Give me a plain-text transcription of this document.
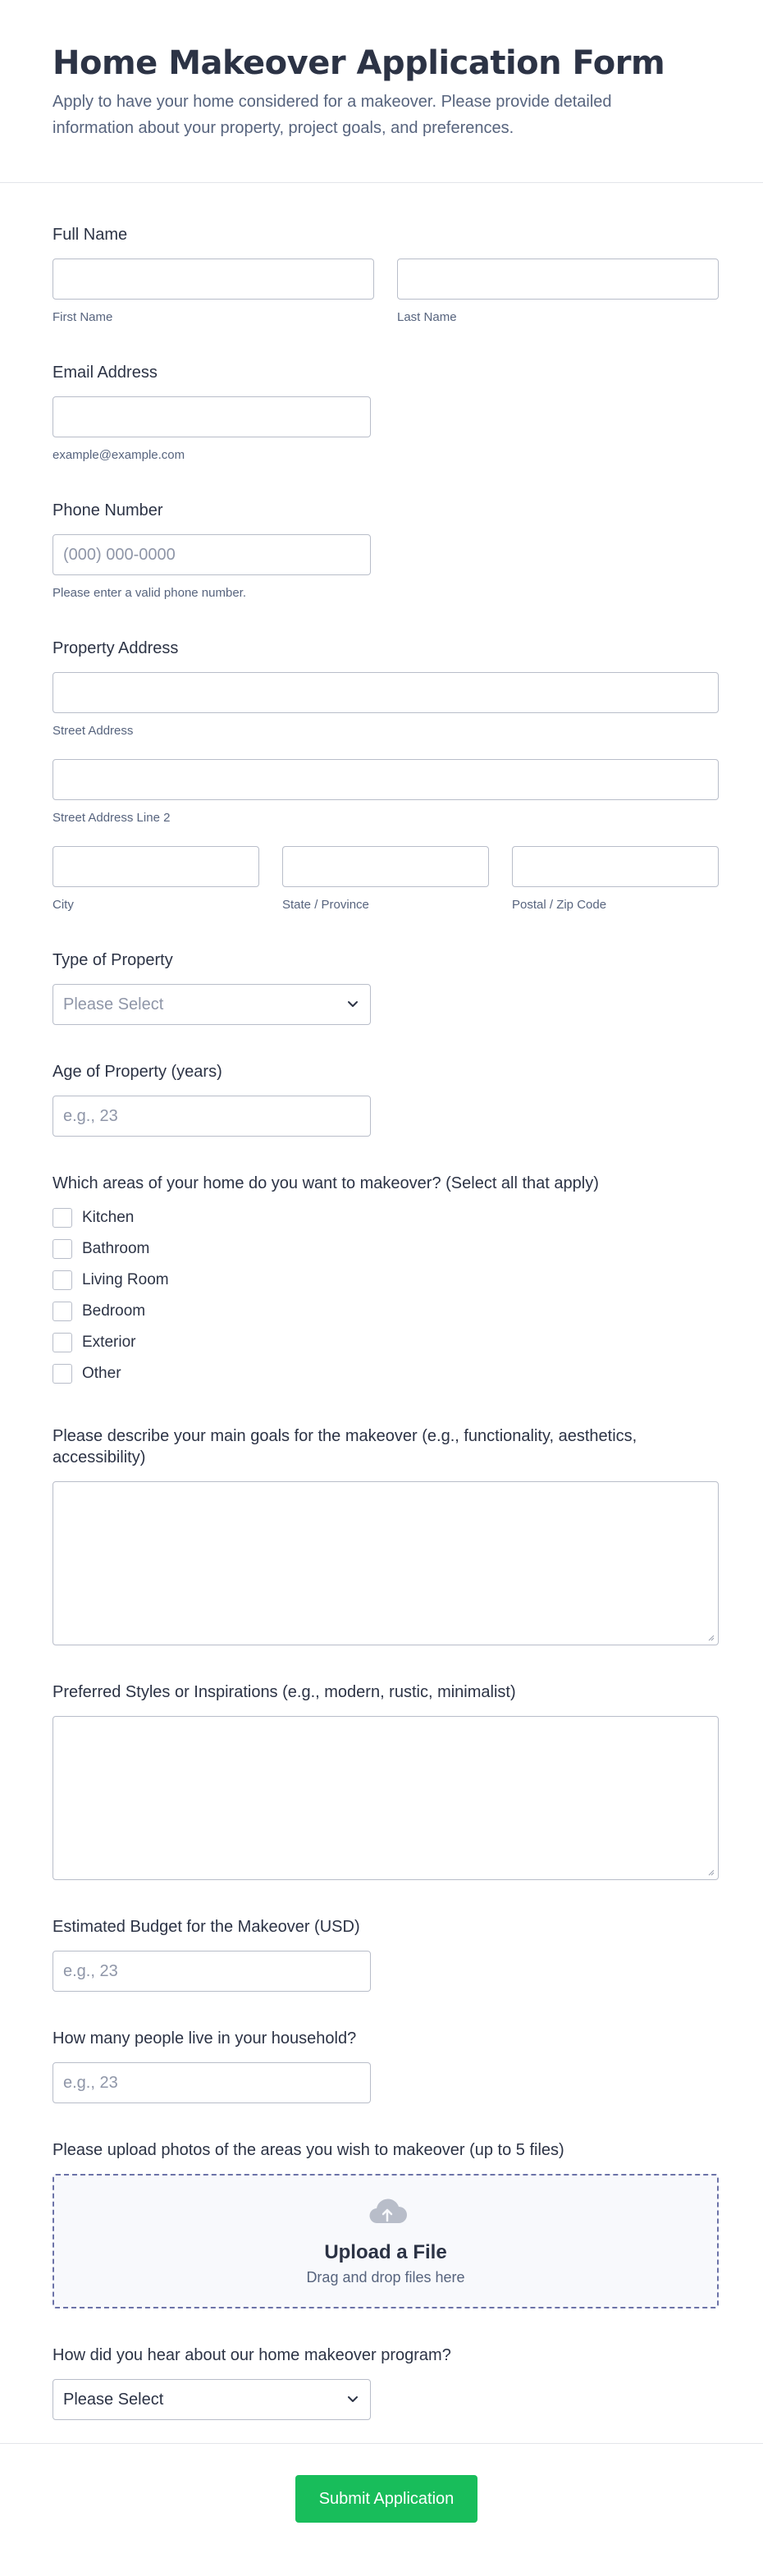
Home Makeover Application Form

Apply to have your home considered for a makeover. Please provide detailed information about your property, project goals, and preferences.

Full Name
First Name	Last Name
Email Address
example@example.com
Phone Number
(000) 000-0000
Please enter a valid phone number.
Property Address
Street Address
Street Address Line 2
City	State / Province	Postal / Zip Code
Type of Property
Please Select
Age of Property (years)
e.g., 23
Which areas of your home do you want to makeover? (Select all that apply)
Kitchen
Bathroom
Living Room
Bedroom
Exterior
Other
Please describe your main goals for the makeover (e.g., functionality, aesthetics, accessibility)
Preferred Styles or Inspirations (e.g., modern, rustic, minimalist)
Estimated Budget for the Makeover (USD)
e.g., 23
How many people live in your household?
e.g., 23
Please upload photos of the areas you wish to makeover (up to 5 files)
Upload a File
Drag and drop files here
How did you hear about our home makeover program?
Please Select
Submit Application
